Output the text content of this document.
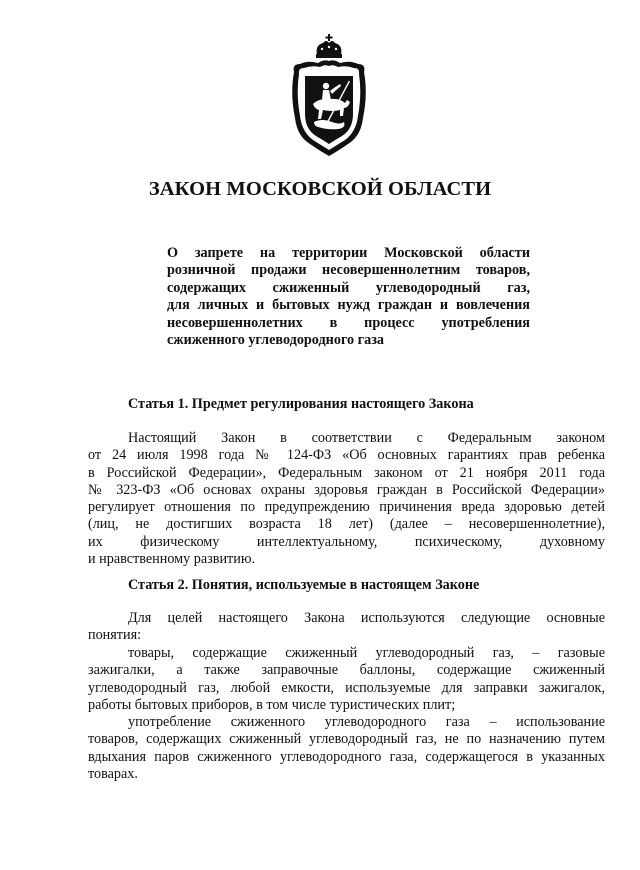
ЗАКОН МОСКОВСКОЙ ОБЛАСТИ
О запрете на территории Московской области
розничной продажи несовершеннолетним товаров,
содержащих сжиженный углеводородный газ,
для личных и бытовых нужд граждан и вовлечения
несовершеннолетних в процесс употребления
сжиженного углеводородного газа
Статья 1. Предмет регулирования настоящего Закона
Настоящий Закон в соответствии с Федеральным законом
от 24 июля 1998 года № 124-ФЗ «Об основных гарантиях прав ребенка
в Российской Федерации», Федеральным законом от 21 ноября 2011 года
№ 323-ФЗ «Об основах охраны здоровья граждан в Российской Федерации»
регулирует отношения по предупреждению причинения вреда здоровью детей
(лиц, не достигших возраста 18 лет) (далее – несовершеннолетние),
их физическому интеллектуальному, психическому, духовному
и нравственному развитию.
Статья 2. Понятия, используемые в настоящем Законе
Для целей настоящего Закона используются следующие основные
понятия:
товары, содержащие сжиженный углеводородный газ, – газовые
зажигалки, а также заправочные баллоны, содержащие сжиженный
углеводородный газ, любой емкости, используемые для заправки зажигалок,
работы бытовых приборов, в том числе туристических плит;
употребление сжиженного углеводородного газа – использование
товаров, содержащих сжиженный углеводородный газ, не по назначению путем
вдыхания паров сжиженного углеводородного газа, содержащегося в указанных
товарах.
